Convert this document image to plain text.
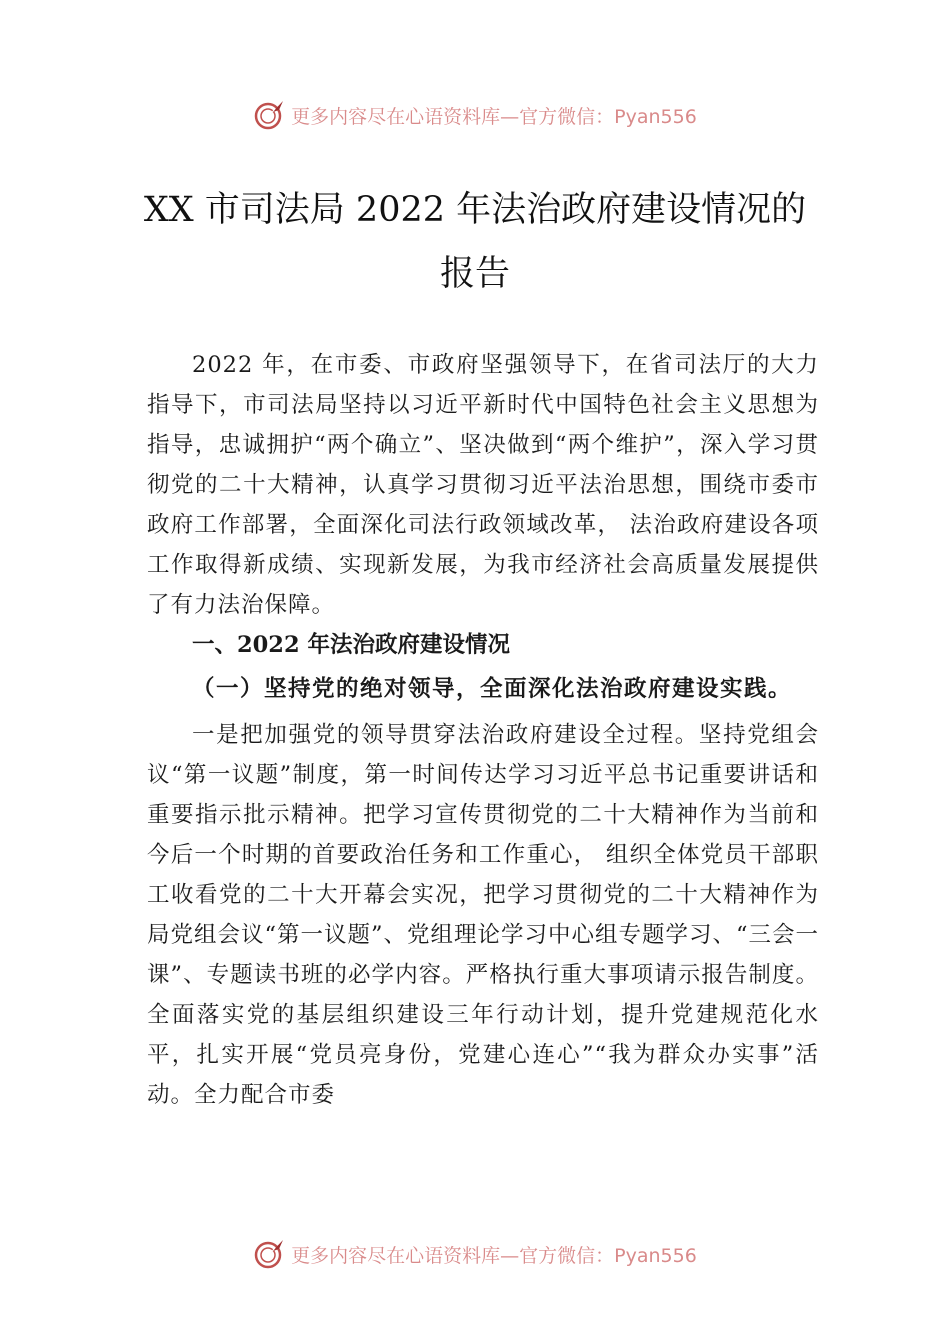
更多内容尽在心语资料库—官方微信：Pyan556
XX 市司法局 2022 年法治政府建设情况的
报告

2022 年，在市委、市政府坚强领导下，在省司法厅的大力指导下，市司法局坚持以习近平新时代中国特色社会主义思想为指导，忠诚拥护“两个确立”、坚决做到“两个维护”，深入学习贯彻党的二十大精神，认真学习贯彻习近平法治思想，围绕市委市政府工作部署，全面深化司法行政领域改革， 法治政府建设各项工作取得新成绩、实现新发展，为我市经济社会高质量发展提供了有力法治保障。

一、2022 年法治政府建设情况

（一）坚持党的绝对领导，全面深化法治政府建设实践。

一是把加强党的领导贯穿法治政府建设全过程。坚持党组会议“第一议题”制度，第一时间传达学习习近平总书记重要讲话和重要指示批示精神。把学习宣传贯彻党的二十大精神作为当前和今后一个时期的首要政治任务和工作重心， 组织全体党员干部职工收看党的二十大开幕会实况，把学习贯彻党的二十大精神作为局党组会议“第一议题”、党组理论学习中心组专题学习、“三会一课”、专题读书班的必学内容。严格执行重大事项请示报告制度。全面落实党的基层组织建设三年行动计划，提升党建规范化水平，扎实开展“党员亮身份，党建心连心”“我为群众办实事”活动。全力配合市委

更多内容尽在心语资料库—官方微信：Pyan556
